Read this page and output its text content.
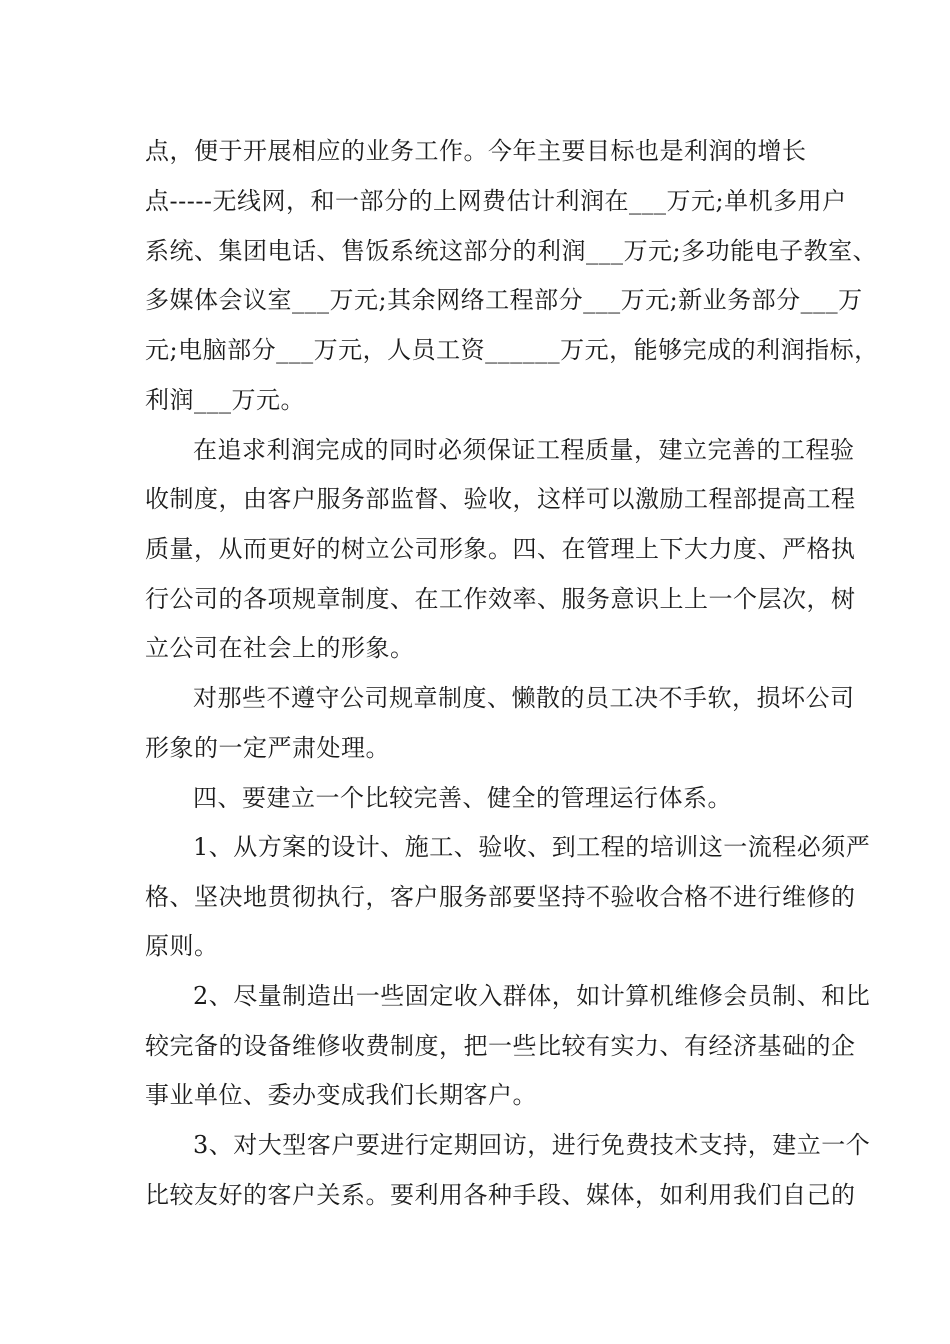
点，便于开展相应的业务工作。今年主要目标也是利润的增长
点-----无线网，和一部分的上网费估计利润在___万元;单机多用户
系统、集团电话、售饭系统这部分的利润___万元;多功能电子教室、
多媒体会议室___万元;其余网络工程部分___万元;新业务部分___万
元;电脑部分___万元，人员工资______万元，能够完成的利润指标，
利润___万元。
在追求利润完成的同时必须保证工程质量，建立完善的工程验
收制度，由客户服务部监督、验收，这样可以激励工程部提高工程
质量，从而更好的树立公司形象。四、在管理上下大力度、严格执
行公司的各项规章制度、在工作效率、服务意识上上一个层次，树
立公司在社会上的形象。
对那些不遵守公司规章制度、懒散的员工决不手软，损坏公司
形象的一定严肃处理。
四、要建立一个比较完善、健全的管理运行体系。
1、从方案的设计、施工、验收、到工程的培训这一流程必须严
格、坚决地贯彻执行，客户服务部要坚持不验收合格不进行维修的
原则。
2、尽量制造出一些固定收入群体，如计算机维修会员制、和比
较完备的设备维修收费制度，把一些比较有实力、有经济基础的企
事业单位、委办变成我们长期客户。
3、对大型客户要进行定期回访，进行免费技术支持，建立一个
比较友好的客户关系。要利用各种手段、媒体，如利用我们自己的
